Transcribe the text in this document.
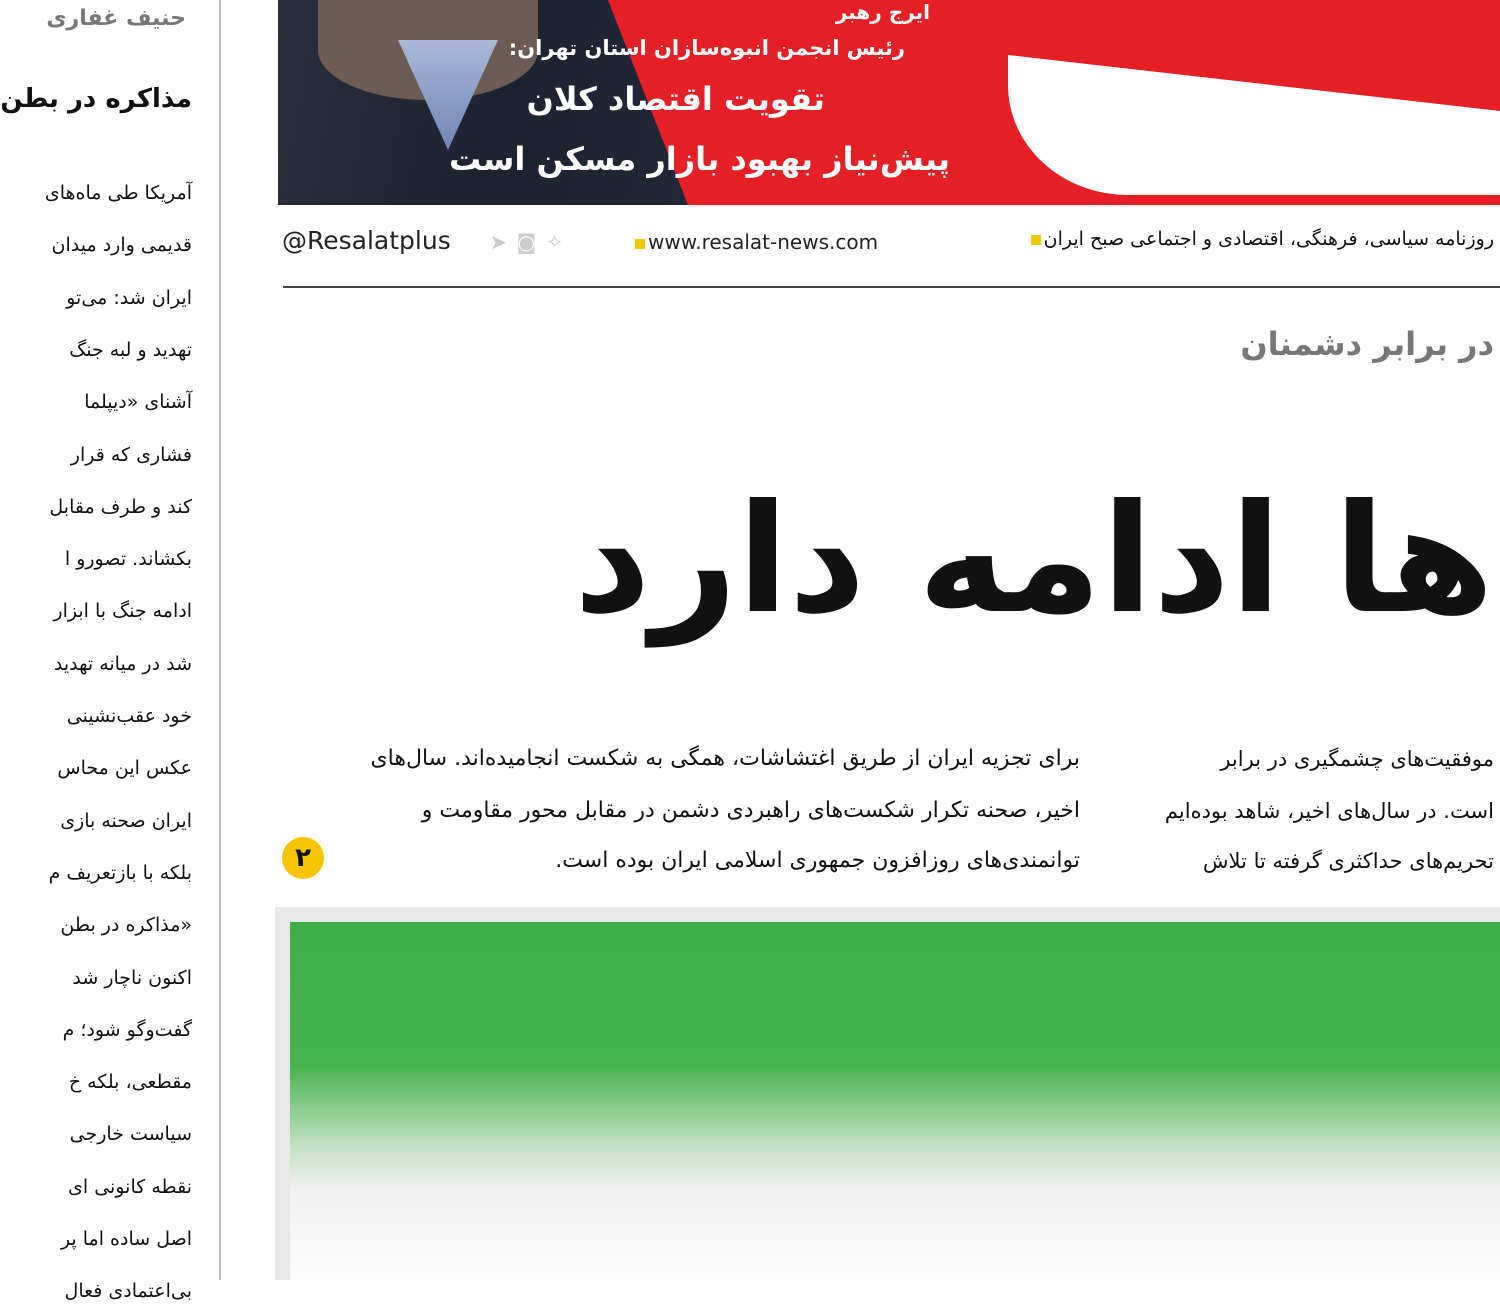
حنیف غفاری
مذاکره در بطن
آمریکا طی ماه‌های
قدیمی وارد میدان
ایران شد: می‌تو
تهدید و لبه جنگ
آشنای «دیپلما
فشاری که قرار
کند و طرف مقابل
بکشاند. تصورو ا
ادامه جنگ با ابزار
شد در میانه تهدید
خود عقب‌نشینی
عکس این محاس
ایران صحنه بازی
بلکه با بازتعریف م
«مذاکره در بطن
اکنون ناچار شد
گفت‌وگو شود؛ م
مقطعی، بلکه خ
سیاست خارجی
نقطه کانونی ای
اصل ساده اما پر
بی‌اعتمادی فعال
ایرج رهبر
رئیس انجمن انبوه‌سازان استان تهران:
تقویت اقتصاد کلان
پیش‌نیاز بهبود بازار مسکن است
@Resalatplus ➤◙✧	www.resalat-news.com	روزنامه سیاسی، فرهنگی، اقتصادی و اجتماعی صبح ایران
در برابر دشمنان
ها ادامه دارد
برای تجزیه ایران از طریق اغتشاشات، همگی به شکست انجامیده‌اند. سال‌های
اخیر، صحنه تکرار شکست‌های راهبردی دشمن در مقابل محور مقاومت و
توانمندی‌های روزافزون جمهوری اسلامی ایران بوده است.
۲
موفقیت‌های چشمگیری در برابر
است. در سال‌های اخیر، شاهد بوده‌ایم
تحریم‌های حداکثری گرفته تا تلاش
